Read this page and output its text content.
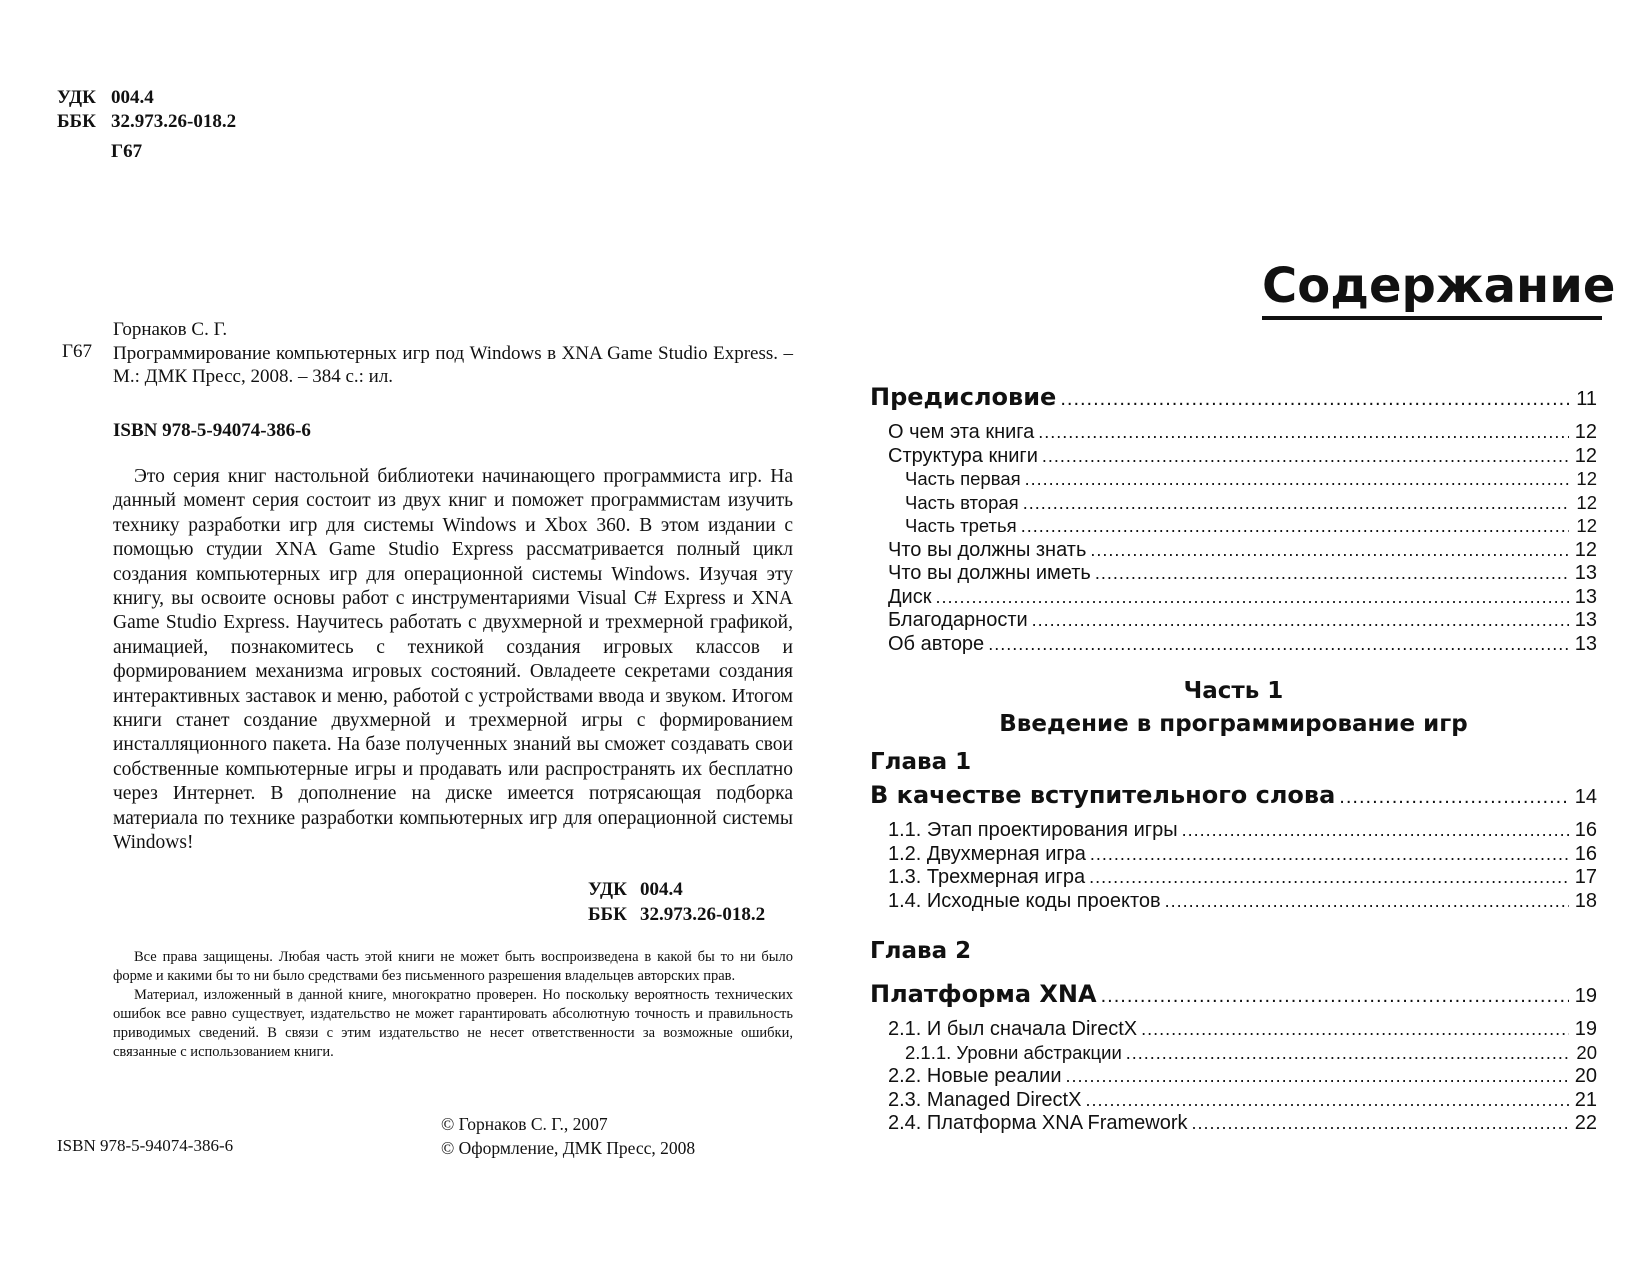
УДК 004.4
ББК 32.973.26-018.2
Г67
Г67
Горнаков С. Г.
Программирование компьютерных игр под Windows в XNA Game Studio Express. – М.: ДМК Пресс, 2008. – 384 с.: ил.
ISBN 978-5-94074-386-6

Это серия книг настольной библиотеки начинающего программиста игр. На данный момент серия состоит из двух книг и поможет программистам изучить технику разработки игр для системы Windows и Xbox 360. В этом издании с помощью студии XNA Game Studio Express рассматривается полный цикл создания компьютерных игр для операционной системы Windows. Изучая эту книгу, вы освоите основы работ с инструментариями Visual C# Express и XNA Game Studio Express. Научитесь работать с двухмерной и трехмерной графикой, анимацией, познакомитесь с техникой создания игровых классов и формированием механизма игровых состояний. Овладеете секретами создания интерактивных заставок и меню, работой с устройствами ввода и звуком. Итогом книги станет создание двухмерной и трехмерной игры с формированием инсталляционного пакета. На базе полученных знаний вы сможет создавать свои собственные компьютерные игры и продавать или распространять их бесплатно через Интернет. В дополнение на диске имеется потрясающая подборка материала по технике разработки компьютерных игр для операционной системы Windows!

УДК 004.4
ББК 32.973.26-018.2

Все права защищены. Любая часть этой книги не может быть воспроизведена в какой бы то ни было форме и какими бы то ни было средствами без письменного разрешения владельцев авторских прав.

Материал, изложенный в данной книге, многократно проверен. Но поскольку вероятность технических ошибок все равно существует, издательство не может гарантировать абсолютную точность и правильность приводимых сведений. В связи с этим издательство не несет ответственности за возможные ошибки, связанные с использованием книги.

ISBN 978-5-94074-386-6
© Горнаков С. Г., 2007
© Оформление, ДМК Пресс, 2008
Содержание
Предисловие .....	11
О чем эта книга .....	12
Структура книги .....	12
Часть первая .....	12
Часть вторая .....	12
Часть третья .....	12
Что вы должны знать .....	12
Что вы должны иметь .....	13
Диск .....	13
Благодарности .....	13
Об авторе .....	13
Часть 1
Введение в программирование игр
Глава 1
В качестве вступительного слова .....	14
1.1. Этап проектирования игры .....	16
1.2. Двухмерная игра .....	16
1.3. Трехмерная игра .....	17
1.4. Исходные коды проектов .....	18
Глава 2
Платформа XNA .....	19
2.1. И был сначала DirectX .....	19
2.1.1. Уровни абстракции .....	20
2.2. Новые реалии .....	20
2.3. Managed DirectX .....	21
2.4. Платформа XNA Framework .....	22
